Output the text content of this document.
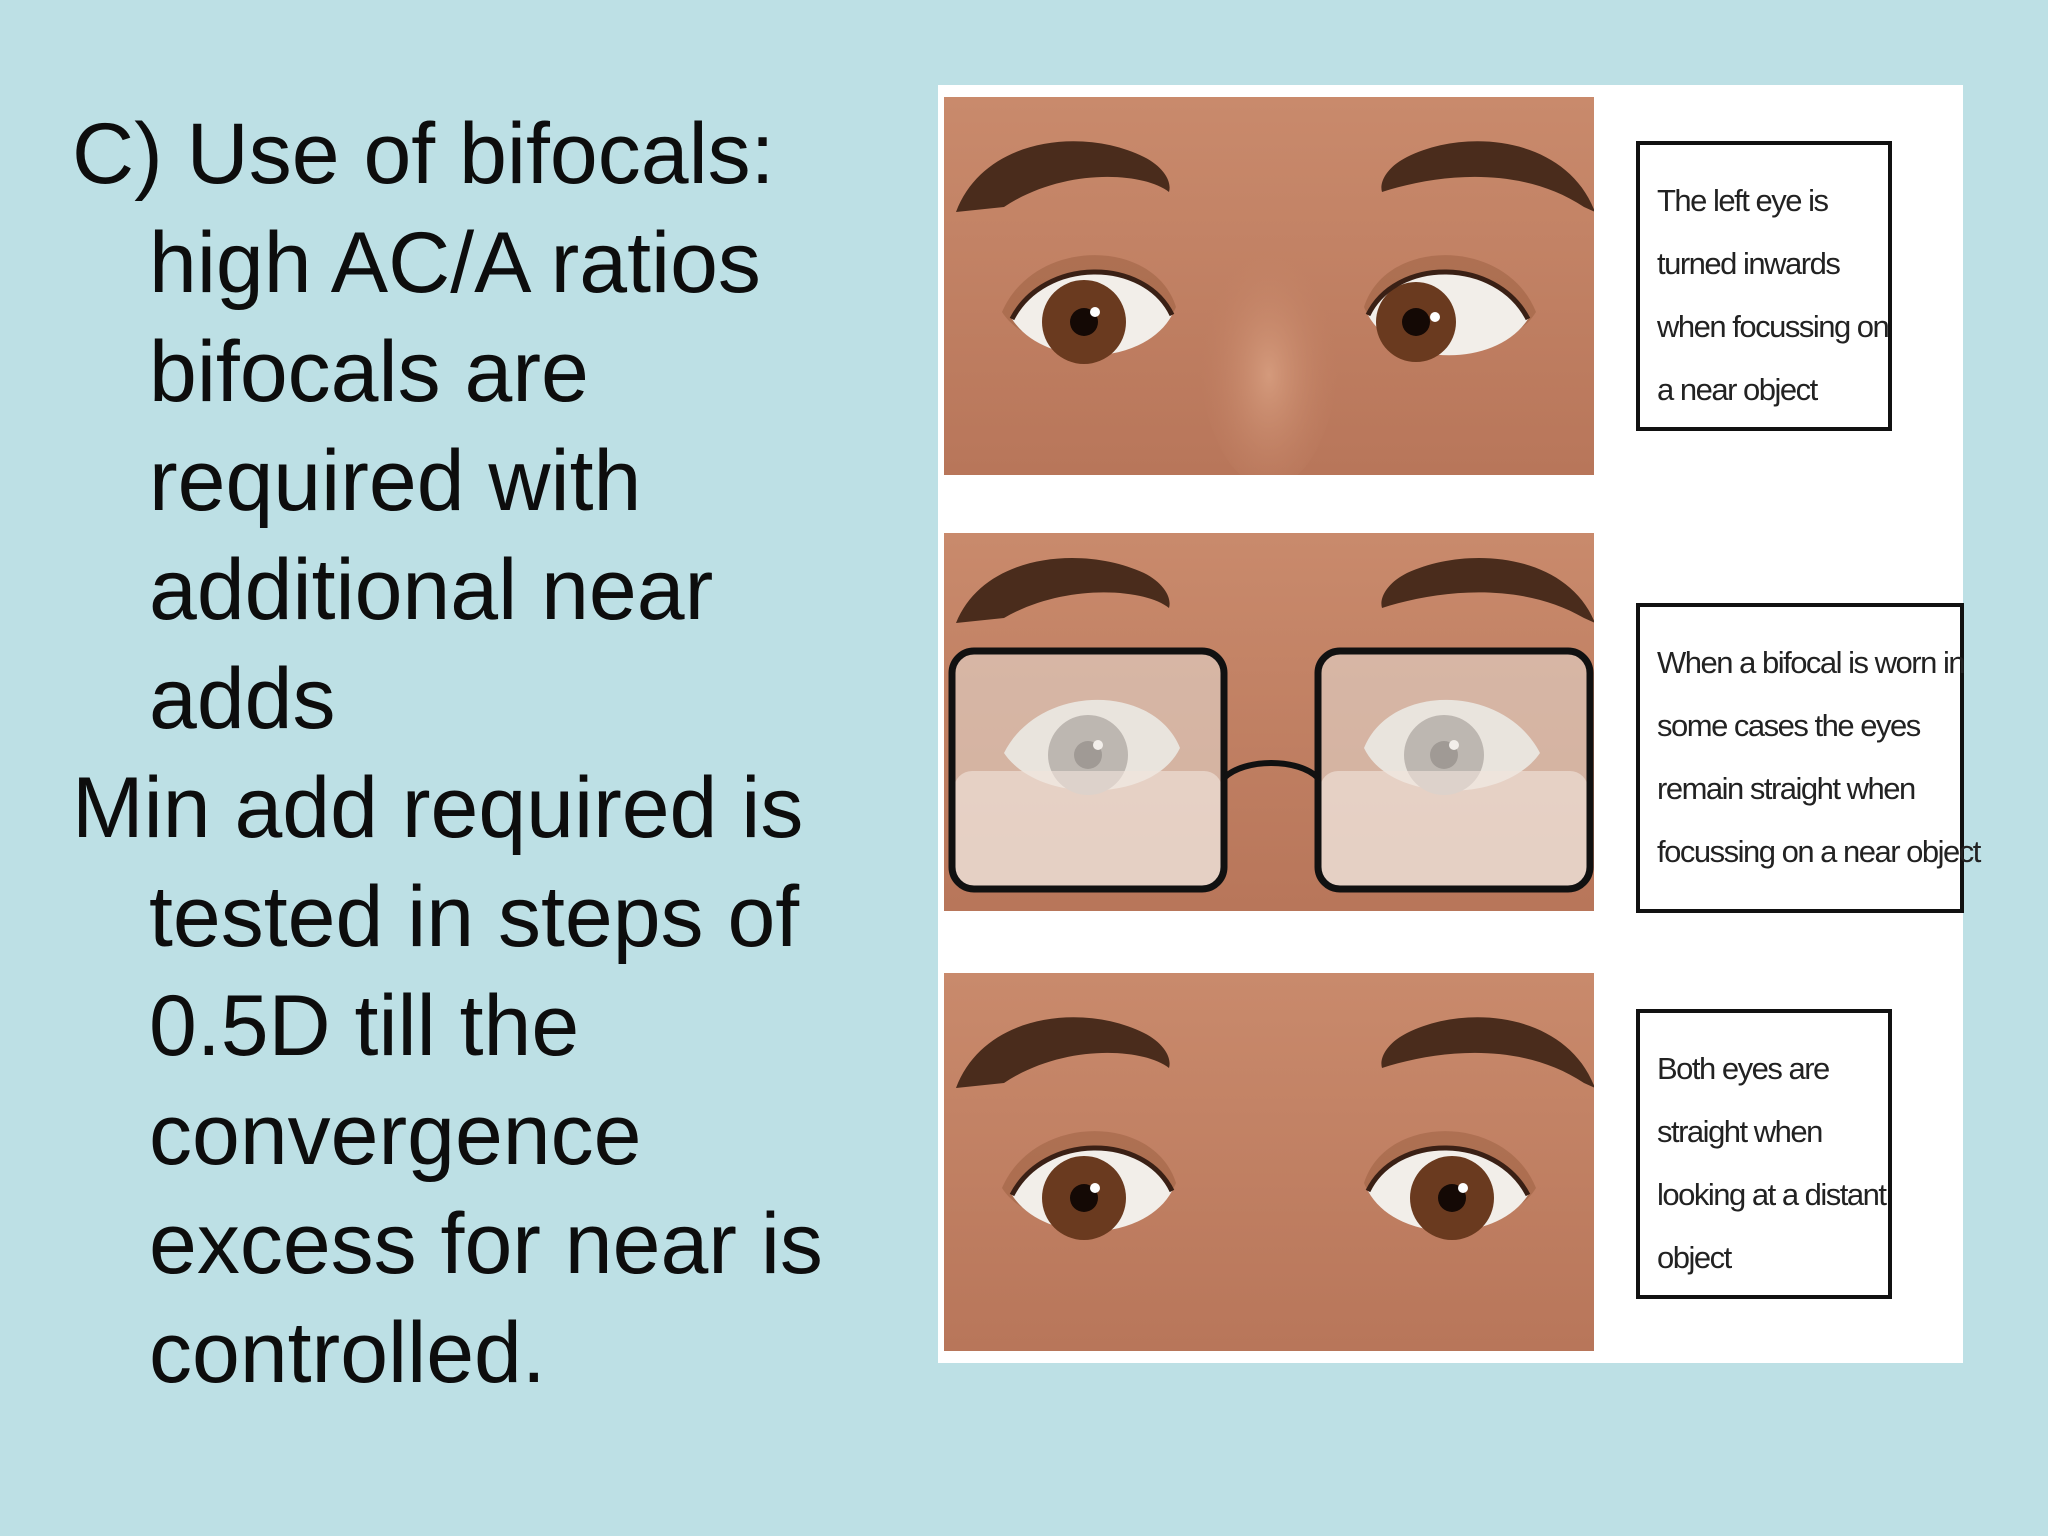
C) Use of bifocals:
high AC/A ratios
bifocals are
required with
additional near
adds
Min add required is
tested in steps of
0.5D till the
convergence
excess for near is
controlled.
The left eye is
turned inwards
when focussing on
a near object
When a bifocal is worn in
some cases the eyes
remain straight when
focussing on a near object
Both eyes are
straight when
looking at a distant
object
